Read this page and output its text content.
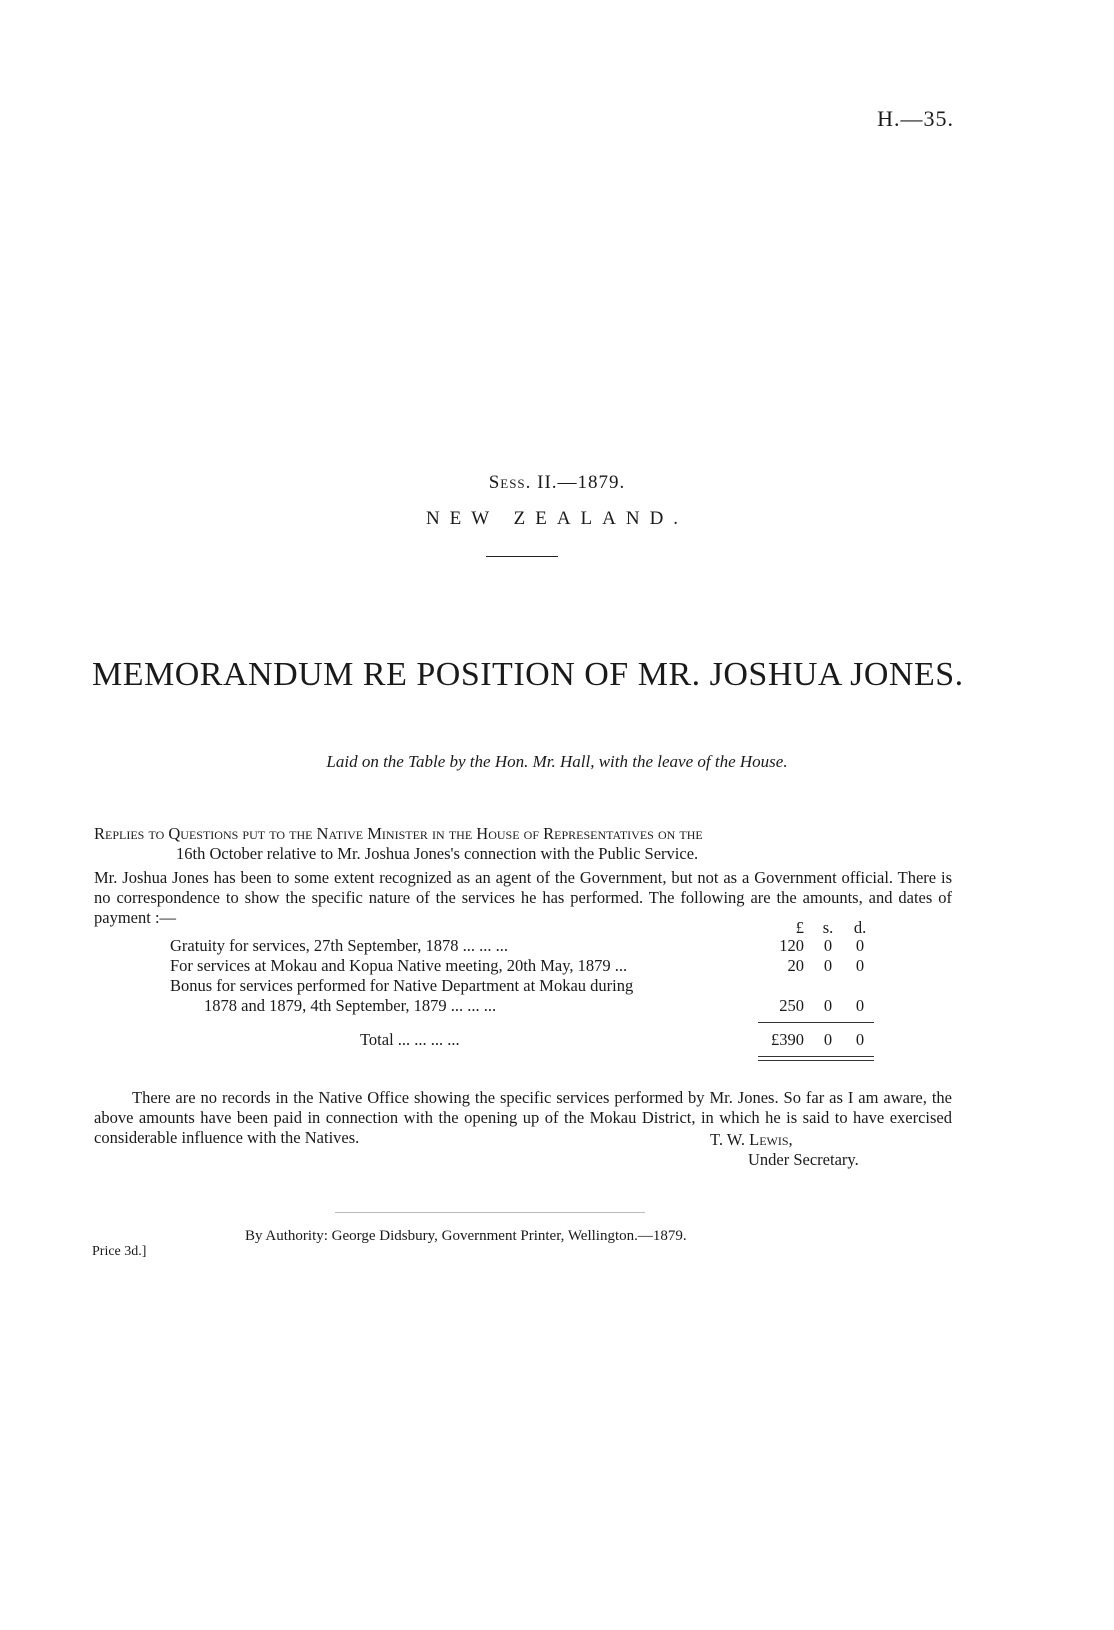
H.—35.
Sess. II.—1879.
NEW ZEALAND.
MEMORANDUM RE POSITION OF MR. JOSHUA JONES.
Laid on the Table by the Hon. Mr. Hall, with the leave of the House.
Replies to Questions put to the Native Minister in the House of Representatives on the
16th October relative to Mr. Joshua Jones's connection with the Public Service.
Mr. Joshua Jones has been to some extent recognized as an agent of the Government, but not as a Government official. There is no correspondence to show the specific nature of the services he has performed. The following are the amounts, and dates of payment :—
£	s.	d.
Gratuity for services, 27th September, 1878 ... ... ...	120	0	0
For services at Mokau and Kopua Native meeting, 20th May, 1879 ...	20	0	0
Bonus for services performed for Native Department at Mokau during
1878 and 1879, 4th September, 1879 ... ... ...	250	0	0
Total ... ... ... ...	£390	0	0
There are no records in the Native Office showing the specific services performed by Mr. Jones. So far as I am aware, the above amounts have been paid in connection with the opening up of the Mokau District, in which he is said to have exercised considerable influence with the Natives.	T. W. Lewis,
Under Secretary.
By Authority: George Didsbury, Government Printer, Wellington.—1879.
Price 3d.]
